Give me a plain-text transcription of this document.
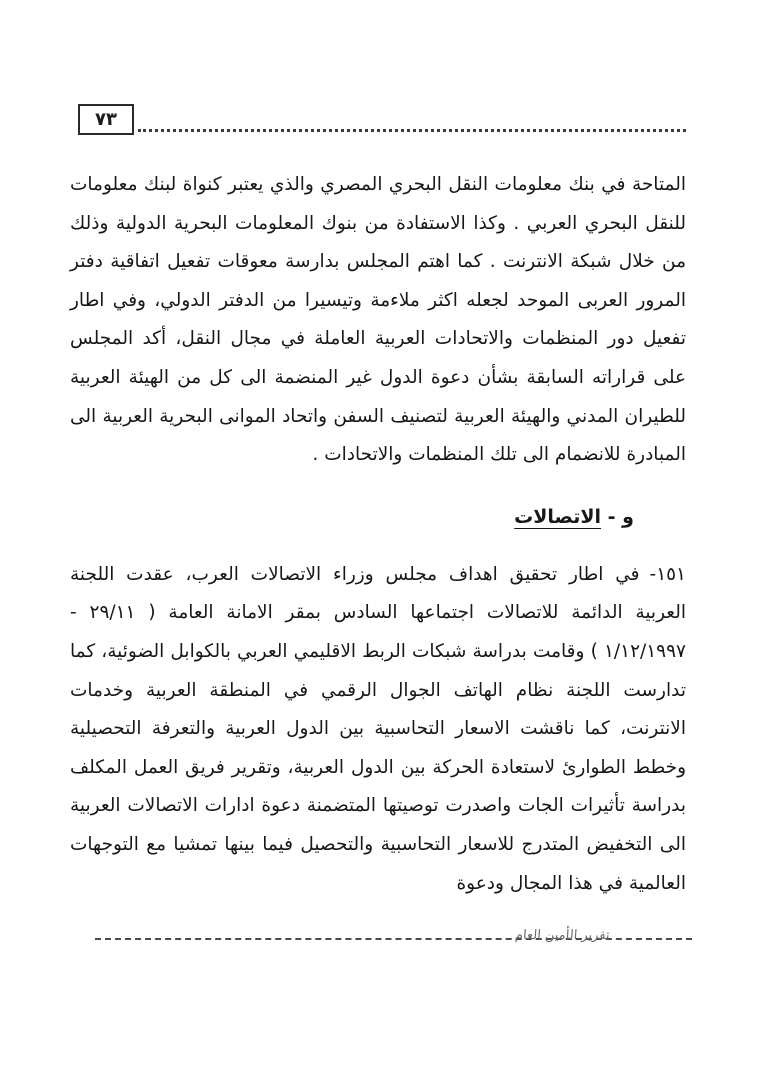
٧٣

المتاحة في بنك معلومات النقل البحري المصري والذي يعتبر كنواة لبنك معلومات للنقل البحري العربي . وكذا الاستفادة من بنوك المعلومات البحرية الدولية وذلك من خلال شبكة الانترنت . كما اهتم المجلس بدارسة معوقات تفعيل اتفاقية دفتر المرور العربى الموحد لجعله اكثر ملاءمة وتيسيرا من الدفتر الدولي، وفي اطار تفعيل دور المنظمات والاتحادات العربية العاملة في مجال النقل، أكد المجلس على قراراته السابقة بشأن دعوة الدول غير المنضمة الى كل من الهيئة العربية للطيران المدني والهيئة العربية لتصنيف السفن واتحاد الموانى البحرية العربية الى المبادرة للانضمام الى تلك المنظمات والاتحادات .

و - الاتصالات

١٥١-في اطار تحقيق اهداف مجلس وزراء الاتصالات العرب، عقدت اللجنة العربية الدائمة للاتصالات اجتماعها السادس بمقر الامانة العامة ( ٢٩/١١ - ١/١٢/١٩٩٧ ) وقامت بدراسة شبكات الربط الاقليمي العربي بالكوابل الضوئية، كما تدارست اللجنة نظام الهاتف الجوال الرقمي في المنطقة العربية وخدمات الانترنت، كما ناقشت الاسعار التحاسبية بين الدول العربية والتعرفة التحصيلية وخطط الطوارئ لاستعادة الحركة بين الدول العربية، وتقرير فريق العمل المكلف بدراسة تأثيرات الجات واصدرت توصيتها المتضمنة دعوة ادارات الاتصالات العربية الى التخفيض المتدرج للاسعار التحاسبية والتحصيل فيما بينها تمشيا مع التوجهات العالمية في هذا المجال ودعوة

تقرير الأمين العام
